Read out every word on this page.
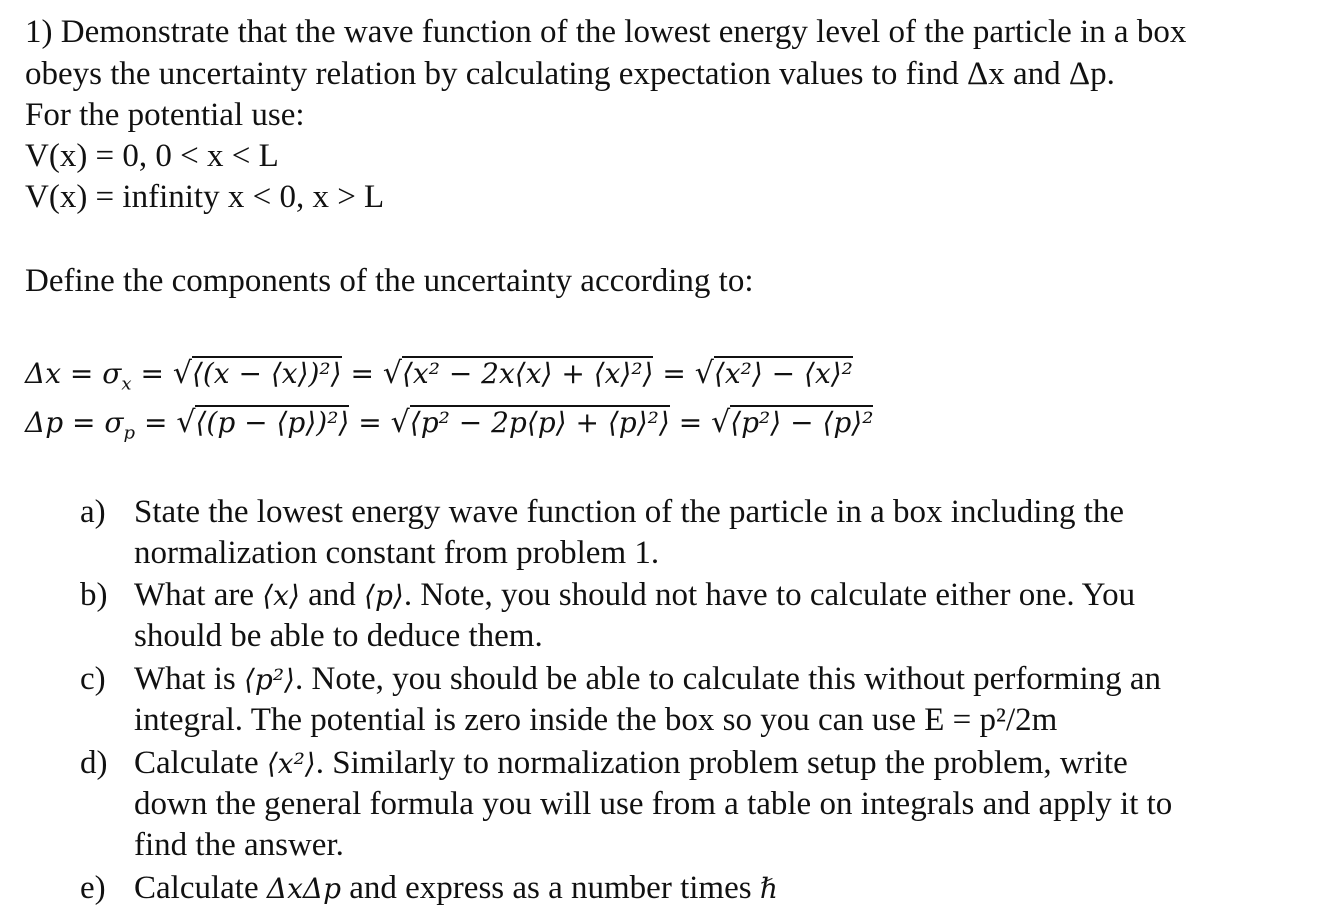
1) Demonstrate that the wave function of the lowest energy level of the particle in a box
obeys the uncertainty relation by calculating expectation values to find Δx and Δp.
For the potential use:
V(x) = 0, 0 < x < L
V(x) = infinity x < 0, x > L
Define the components of the uncertainty according to:
$\Delta x = \sigma_x$ = √⟨(x − ⟨x⟩)²⟩ = √⟨x² − 2x⟨x⟩ + ⟨x⟩²⟩ = √⟨x²⟩ − ⟨x⟩²
$\Delta p = \sigma_p$ = √⟨(p − ⟨p⟩)²⟩ = √⟨p² − 2p⟨p⟩ + ⟨p⟩²⟩ = √⟨p²⟩ − ⟨p⟩²
a) State the lowest energy wave function of the particle in a box including the
normalization constant from problem 1.
b) What are ⟨x⟩ and ⟨p⟩. Note, you should not have to calculate either one. You
should be able to deduce them.
c) What is ⟨p²⟩. Note, you should be able to calculate this without performing an
integral. The potential is zero inside the box so you can use E = p²/2m
d) Calculate ⟨x²⟩. Similarly to normalization problem setup the problem, write
down the general formula you will use from a table on integrals and apply it to
find the answer.
e) Calculate ΔxΔp and express as a number times ℏ
